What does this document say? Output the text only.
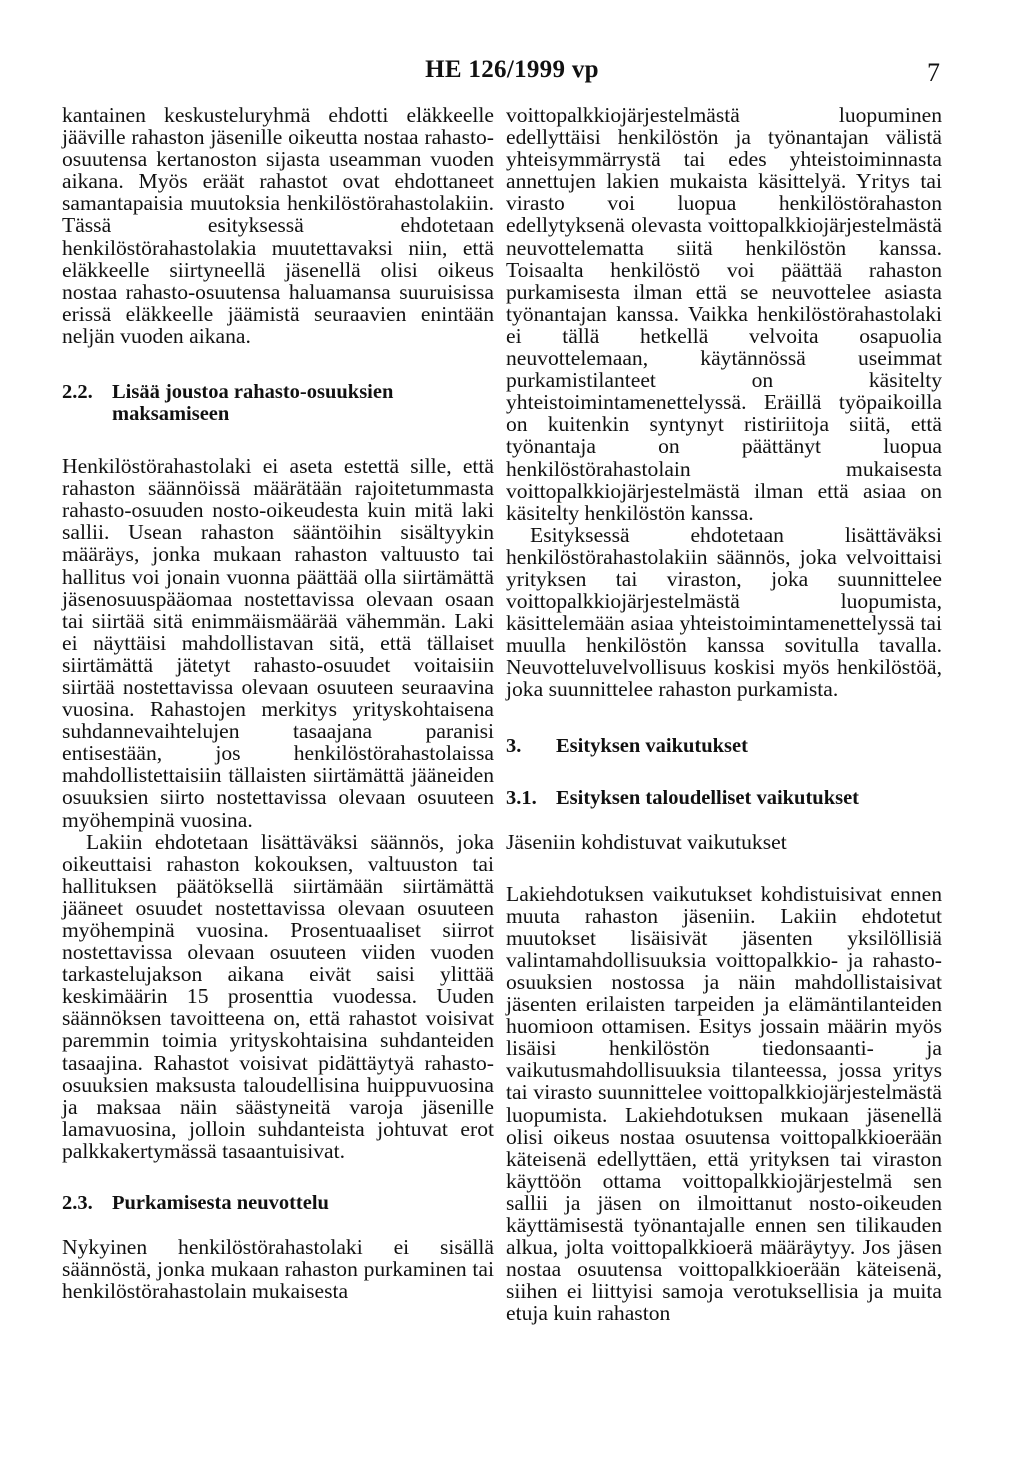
HE 126/1999 vp	7

kantainen keskusteluryhmä ehdotti eläkkeelle jääville rahaston jäsenille oikeutta nostaa rahasto-osuutensa kertanoston sijasta useamman vuoden aikana. Myös eräät rahastot ovat ehdottaneet samantapaisia muutoksia henkilöstörahastolakiin. Tässä esityksessä ehdotetaan henkilöstörahastolakia muutettavaksi niin, että eläkkeelle siirtyneellä jäsenellä olisi oikeus nostaa rahasto-osuutensa haluamansa suuruisissa erissä eläkkeelle jäämistä seuraavien enintään neljän vuoden aikana.

2.2. Lisää joustoa rahasto-osuuksien maksamiseen

Henkilöstörahastolaki ei aseta estettä sille, että rahaston säännöissä määrätään rajoitetummasta rahasto-osuuden nosto-oikeudesta kuin mitä laki sallii. Usean rahaston sääntöihin sisältyykin määräys, jonka mukaan rahaston valtuusto tai hallitus voi jonain vuonna päättää olla siirtämättä jäsenosuuspääomaa nostettavissa olevaan osaan tai siirtää sitä enimmäismäärää vähemmän. Laki ei näyttäisi mahdollistavan sitä, että tällaiset siirtämättä jätetyt rahasto-osuudet voitaisiin siirtää nostettavissa olevaan osuuteen seuraavina vuosina. Rahastojen merkitys yrityskohtaisena suhdannevaihtelujen tasaajana paranisi entisestään, jos henkilöstörahastolaissa mahdollistettaisiin tällaisten siirtämättä jääneiden osuuksien siirto nostettavissa olevaan osuuteen myöhempinä vuosina.

Lakiin ehdotetaan lisättäväksi säännös, joka oikeuttaisi rahaston kokouksen, valtuuston tai hallituksen päätöksellä siirtämään siirtämättä jääneet osuudet nostettavissa olevaan osuuteen myöhempinä vuosina. Prosentuaaliset siirrot nostettavissa olevaan osuuteen viiden vuoden tarkastelujakson aikana eivät saisi ylittää keskimäärin 15 prosenttia vuodessa. Uuden säännöksen tavoitteena on, että rahastot voisivat paremmin toimia yrityskohtaisina suhdanteiden tasaajina. Rahastot voisivat pidättäytyä rahasto-osuuksien maksusta taloudellisina huippuvuosina ja maksaa näin säästyneitä varoja jäsenille lamavuosina, jolloin suhdanteista johtuvat erot palkkakertymässä tasaantuisivat.

2.3. Purkamisesta neuvottelu

Nykyinen henkilöstörahastolaki ei sisällä säännöstä, jonka mukaan rahaston purkaminen tai henkilöstörahastolain mukaisesta

voittopalkkiojärjestelmästä luopuminen edellyttäisi henkilöstön ja työnantajan välistä yhteisymmärrystä tai edes yhteistoiminnasta annettujen lakien mukaista käsittelyä. Yritys tai virasto voi luopua henkilöstörahaston edellytyksenä olevasta voittopalkkiojärjestelmästä neuvottelematta siitä henkilöstön kanssa. Toisaalta henkilöstö voi päättää rahaston purkamisesta ilman että se neuvottelee asiasta työnantajan kanssa. Vaikka henkilöstörahastolaki ei tällä hetkellä velvoita osapuolia neuvottelemaan, käytännössä useimmat purkamistilanteet on käsitelty yhteistoimintamenettelyssä. Eräillä työpaikoilla on kuitenkin syntynyt ristiriitoja siitä, että työnantaja on päättänyt luopua henkilöstörahastolain mukaisesta voittopalkkiojärjestelmästä ilman että asiaa on käsitelty henkilöstön kanssa.

Esityksessä ehdotetaan lisättäväksi henkilöstörahastolakiin säännös, joka velvoittaisi yrityksen tai viraston, joka suunnittelee voittopalkkiojärjestelmästä luopumista, käsittelemään asiaa yhteistoimintamenettelyssä tai muulla henkilöstön kanssa sovitulla tavalla. Neuvotteluvelvollisuus koskisi myös henkilöstöä, joka suunnittelee rahaston purkamista.

3.	Esityksen vaikutukset
3.1. Esityksen taloudelliset vaikutukset

Jäseniin kohdistuvat vaikutukset

Lakiehdotuksen vaikutukset kohdistuisivat ennen muuta rahaston jäseniin. Lakiin ehdotetut muutokset lisäisivät jäsenten yksilöllisiä valintamahdollisuuksia voittopalkkio- ja rahasto-osuuksien nostossa ja näin mahdollistaisivat jäsenten erilaisten tarpeiden ja elämäntilanteiden huomioon ottamisen. Esitys jossain määrin myös lisäisi henkilöstön tiedonsaanti- ja vaikutusmahdollisuuksia tilanteessa, jossa yritys tai virasto suunnittelee voittopalkkiojärjestelmästä luopumista. Lakiehdotuksen mukaan jäsenellä olisi oikeus nostaa osuutensa voittopalkkioerään käteisenä edellyttäen, että yrityksen tai viraston käyttöön ottama voittopalkkiojärjestelmä sen sallii ja jäsen on ilmoittanut nosto-oikeuden käyttämisestä työnantajalle ennen sen tilikauden alkua, jolta voittopalkkioerä määräytyy. Jos jäsen nostaa osuutensa voittopalkkioerään käteisenä, siihen ei liittyisi samoja verotuksellisia ja muita etuja kuin rahaston
